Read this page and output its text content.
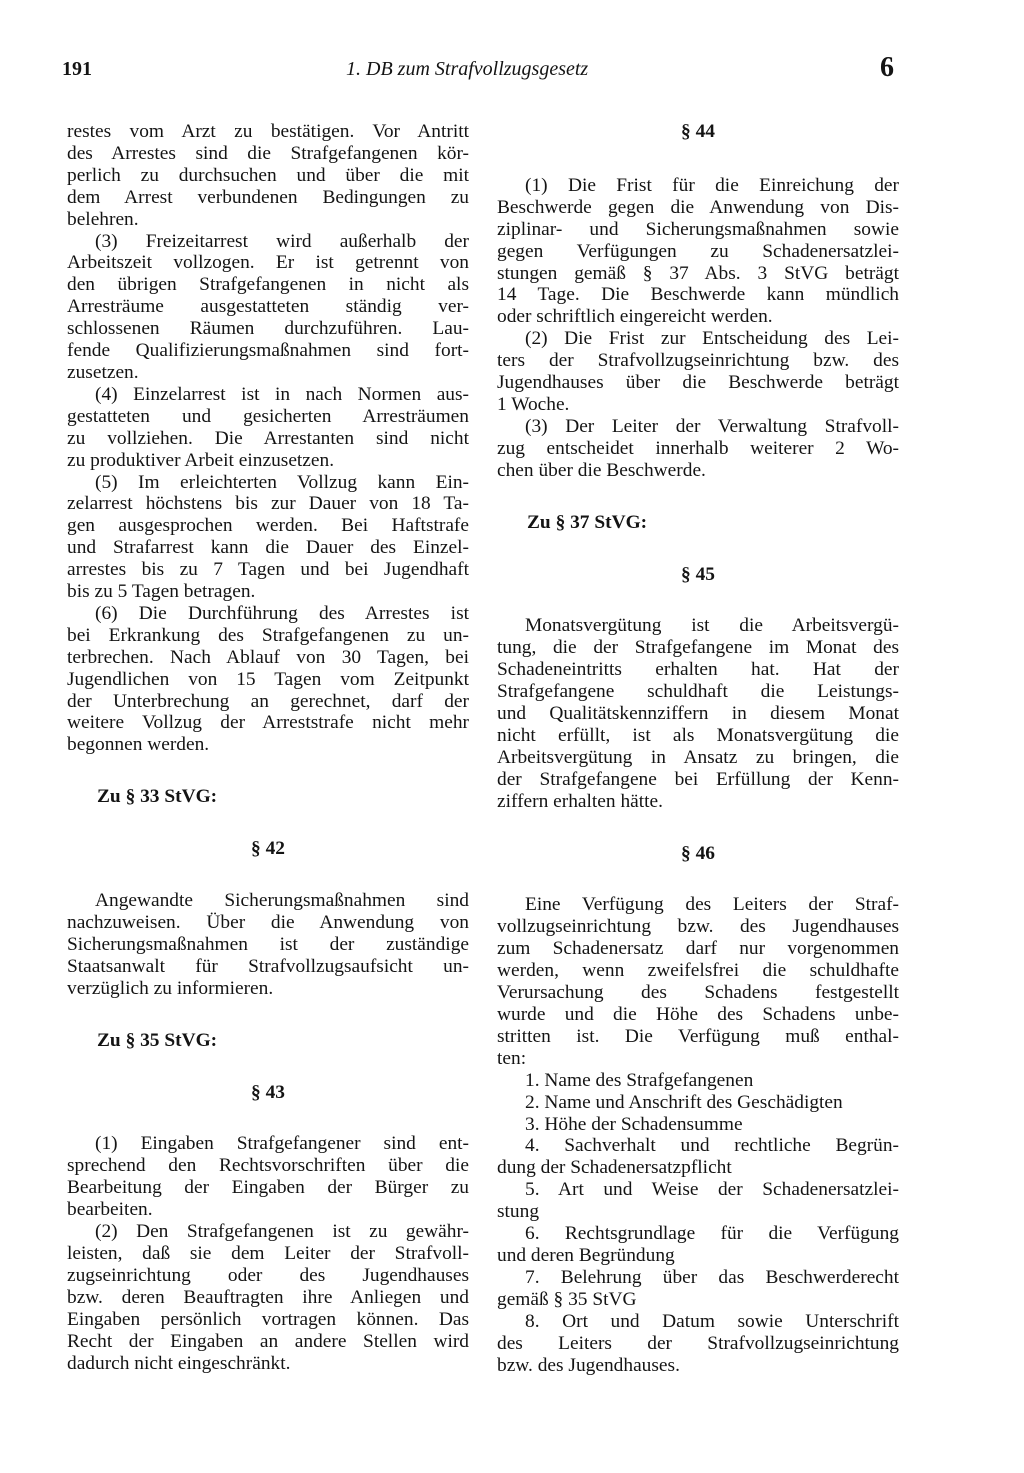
191	1. DB zum Strafvollzugsgesetz	6
restes vom Arzt zu bestätigen. Vor Antritt
des Arrestes sind die Strafgefangenen kör-
perlich zu durchsuchen und über die mit
dem Arrest verbundenen Bedingungen zu
belehren.
(3) Freizeitarrest wird außerhalb der
Arbeitszeit vollzogen. Er ist getrennt von
den übrigen Strafgefangenen in nicht als
Arresträume ausgestatteten ständig ver-
schlossenen Räumen durchzuführen. Lau-
fende Qualifizierungsmaßnahmen sind fort-
zusetzen.
(4) Einzelarrest ist in nach Normen aus-
gestatteten und gesicherten Arresträumen
zu vollziehen. Die Arrestanten sind nicht
zu produktiver Arbeit einzusetzen.
(5) Im erleichterten Vollzug kann Ein-
zelarrest höchstens bis zur Dauer von 18 Ta-
gen ausgesprochen werden. Bei Haftstrafe
und Strafarrest kann die Dauer des Einzel-
arrestes bis zu 7 Tagen und bei Jugendhaft
bis zu 5 Tagen betragen.
(6) Die Durchführung des Arrestes ist
bei Erkrankung des Strafgefangenen zu un-
terbrechen. Nach Ablauf von 30 Tagen, bei
Jugendlichen von 15 Tagen vom Zeitpunkt
der Unterbrechung an gerechnet, darf der
weitere Vollzug der Arreststrafe nicht mehr
begonnen werden.
Zu § 33 StVG:
§ 42
Angewandte Sicherungsmaßnahmen sind
nachzuweisen. Über die Anwendung von
Sicherungsmaßnahmen ist der zuständige
Staatsanwalt für Strafvollzugsaufsicht un-
verzüglich zu informieren.
Zu § 35 StVG:
§ 43
(1) Eingaben Strafgefangener sind ent-
sprechend den Rechtsvorschriften über die
Bearbeitung der Eingaben der Bürger zu
bearbeiten.
(2) Den Strafgefangenen ist zu gewähr-
leisten, daß sie dem Leiter der Strafvoll-
zugseinrichtung oder des Jugendhauses
bzw. deren Beauftragten ihre Anliegen und
Eingaben persönlich vortragen können. Das
Recht der Eingaben an andere Stellen wird
dadurch nicht eingeschränkt.
§ 44
(1) Die Frist für die Einreichung der
Beschwerde gegen die Anwendung von Dis-
ziplinar- und Sicherungsmaßnahmen sowie
gegen Verfügungen zu Schadenersatzlei-
stungen gemäß § 37 Abs. 3 StVG beträgt
14 Tage. Die Beschwerde kann mündlich
oder schriftlich eingereicht werden.
(2) Die Frist zur Entscheidung des Lei-
ters der Strafvollzugseinrichtung bzw. des
Jugendhauses über die Beschwerde beträgt
1 Woche.
(3) Der Leiter der Verwaltung Strafvoll-
zug entscheidet innerhalb weiterer 2 Wo-
chen über die Beschwerde.
Zu § 37 StVG:
§ 45
Monatsvergütung ist die Arbeitsvergü-
tung, die der Strafgefangene im Monat des
Schadeneintritts erhalten hat. Hat der
Strafgefangene schuldhaft die Leistungs-
und Qualitätskennziffern in diesem Monat
nicht erfüllt, ist als Monatsvergütung die
Arbeitsvergütung in Ansatz zu bringen, die
der Strafgefangene bei Erfüllung der Kenn-
ziffern erhalten hätte.
§ 46
Eine Verfügung des Leiters der Straf-
vollzugseinrichtung bzw. des Jugendhauses
zum Schadenersatz darf nur vorgenommen
werden, wenn zweifelsfrei die schuldhafte
Verursachung des Schadens festgestellt
wurde und die Höhe des Schadens unbe-
stritten ist. Die Verfügung muß enthal-
ten:
1. Name des Strafgefangenen
2. Name und Anschrift des Geschädigten
3. Höhe der Schadensumme
4. Sachverhalt und rechtliche Begrün-
dung der Schadenersatzpflicht
5. Art und Weise der Schadenersatzlei-
stung
6. Rechtsgrundlage für die Verfügung
und deren Begründung
7. Belehrung über das Beschwerderecht
gemäß § 35 StVG
8. Ort und Datum sowie Unterschrift
des Leiters der Strafvollzugseinrichtung
bzw. des Jugendhauses.
